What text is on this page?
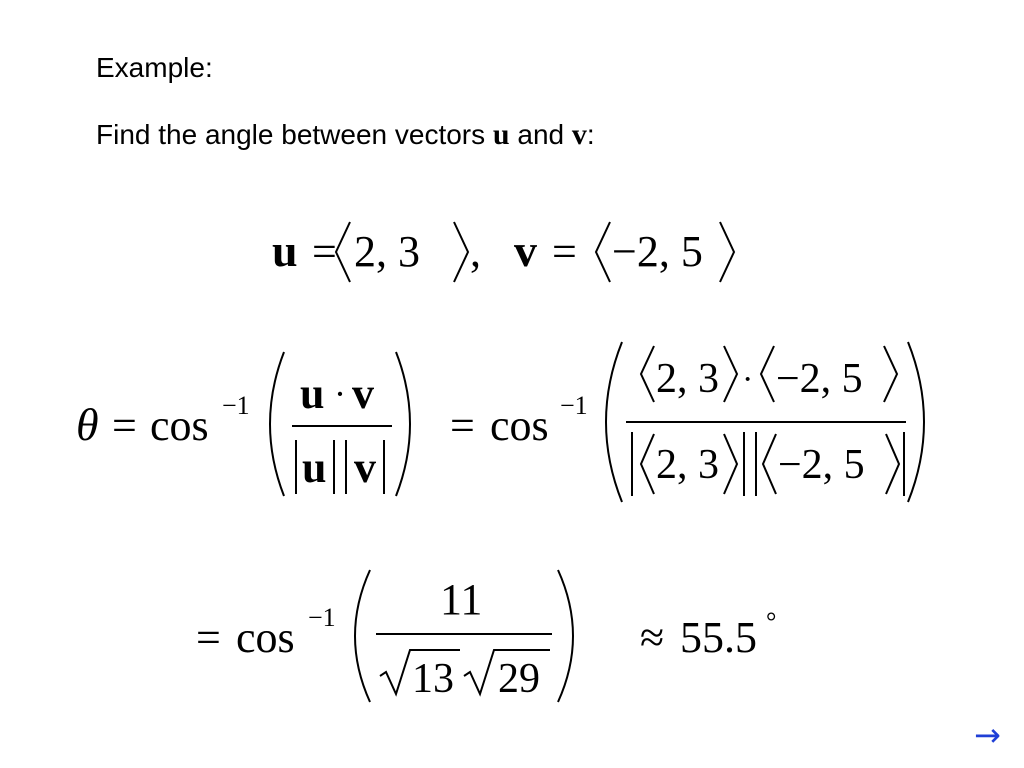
Example:
Find the angle between vectors u and v:
u = 2, 3 , v = −2, 5
θ = cos −1 u · v
u v
= cos −1
2, 3 · −2, 5
2, 3 −2, 5
= cos −1 11
13 29
≈ 55.5 °
→
